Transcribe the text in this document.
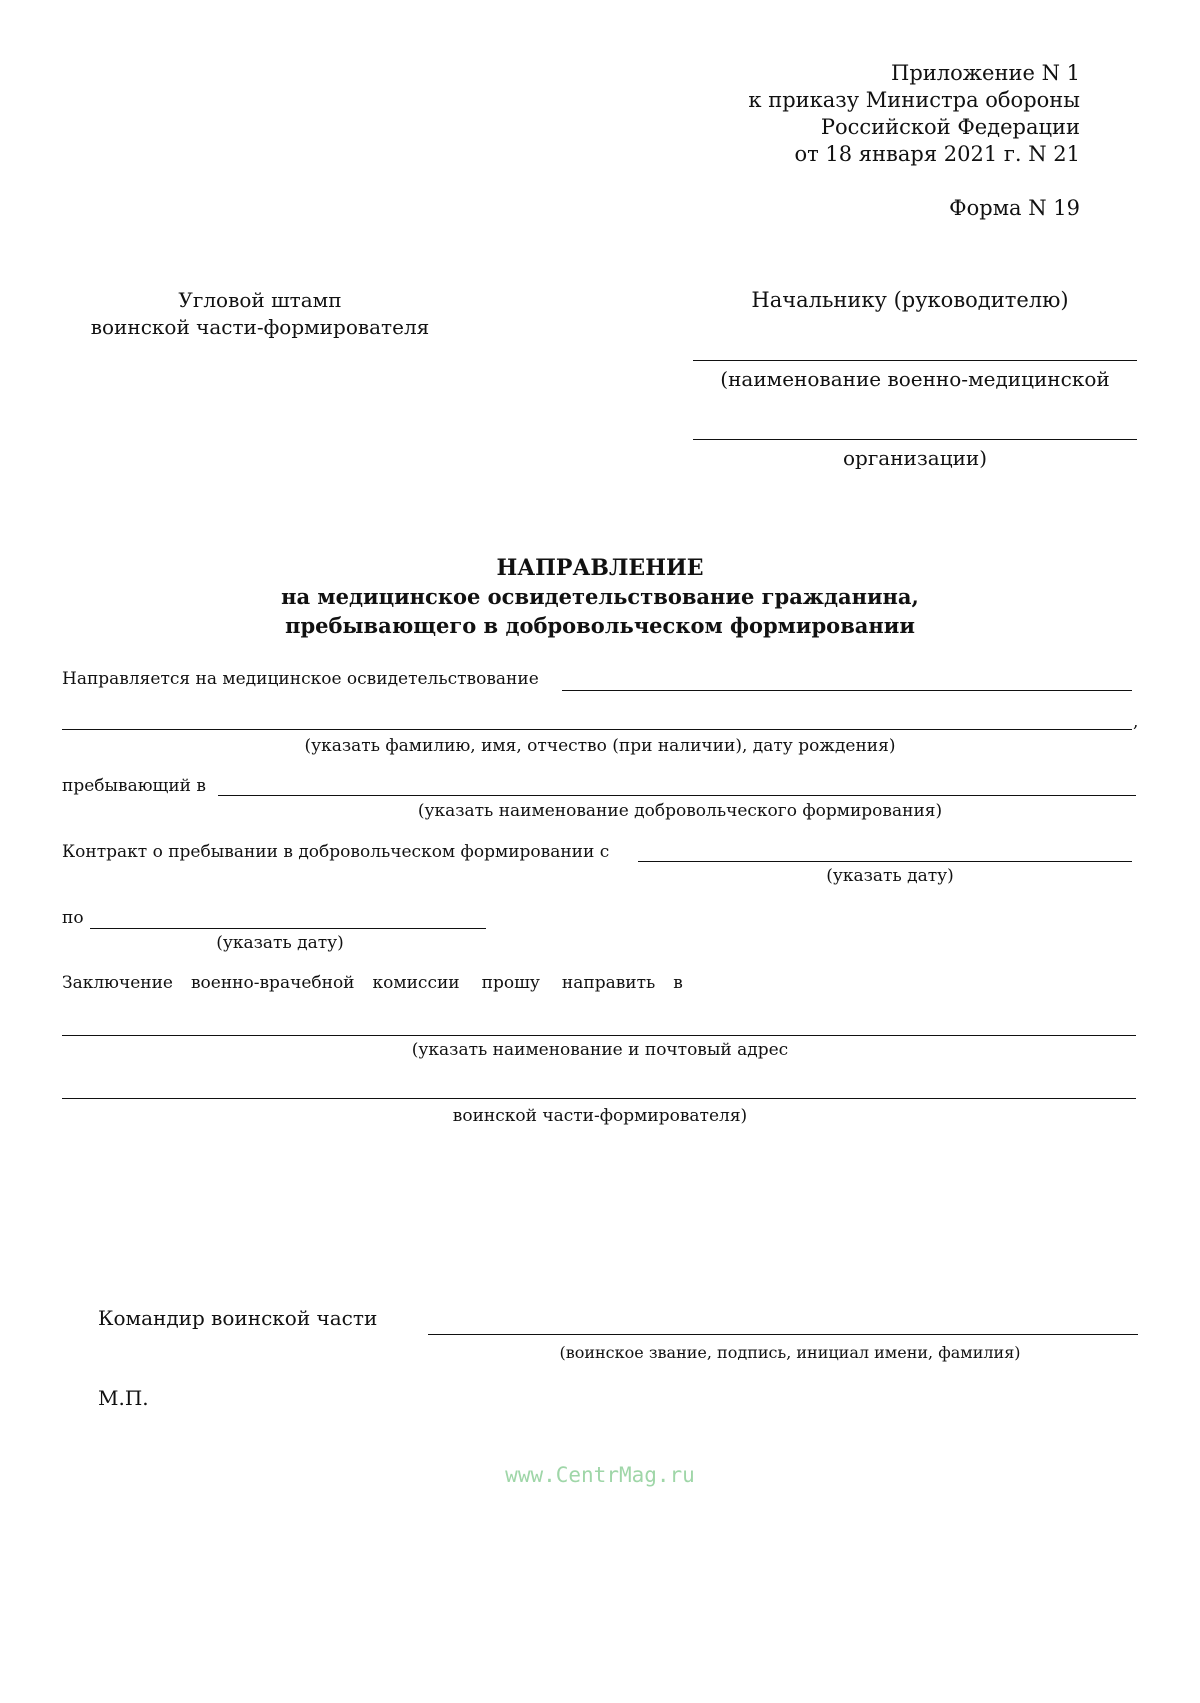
Приложение N 1
к приказу Министра обороны
Российской Федерации
от 18 января 2021 г. N 21
Форма N 19
Угловой штамп
воинской части-формирователя
Начальнику (руководителю)
(наименование военно-медицинской
организации)
НАПРАВЛЕНИЕ
на медицинское освидетельствование гражданина,
пребывающего в добровольческом формировании
Направляется на медицинское освидетельствование
,
(указать фамилию, имя, отчество (при наличии), дату рождения)
пребывающий в
(указать наименование добровольческого формирования)
Контракт о пребывании в добровольческом формировании с
(указать дату)
по
(указать дату)
Заключение военно-врачебной комиссии прошу направить в
(указать наименование и почтовый адрес
воинской части-формирователя)
Командир воинской части
(воинское звание, подпись, инициал имени, фамилия)
М.П.
www.CentrMag.ru
